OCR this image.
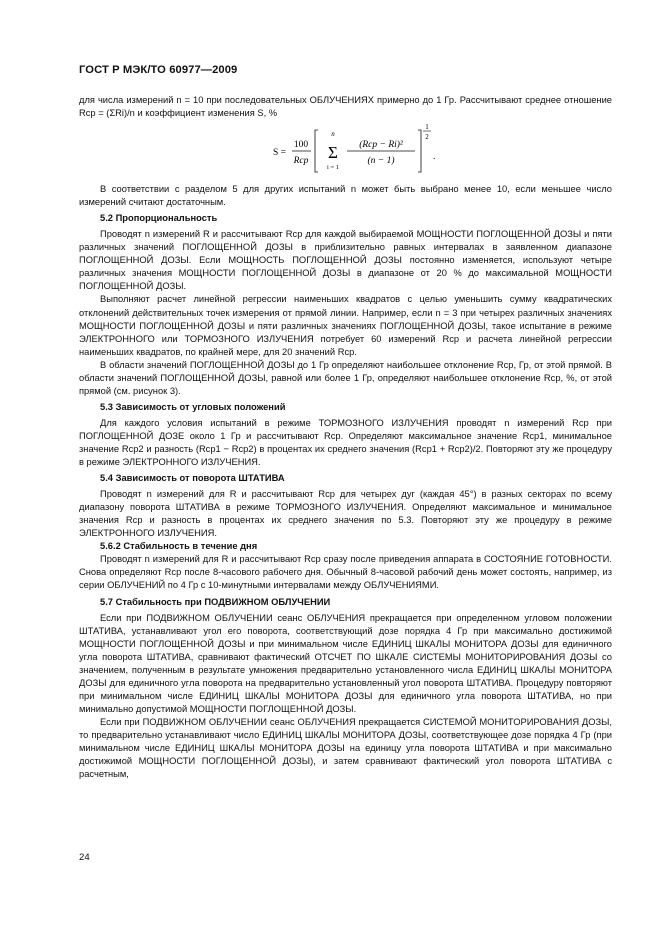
ГОСТ Р МЭК/ТО 60977—2009

для числа измерений n = 10 при последовательных ОБЛУЧЕНИЯХ примерно до 1 Гр. Рассчитывают среднее отношение Rср = (ΣRi)/n и коэффициент изменения S, %

S =
100
Rср
n
Σ
i = 1
(Rср − Ri)²
(n − 1)
1
2
.

В соответствии с разделом 5 для других испытаний n может быть выбрано менее 10, если меньшее число измерений считают достаточным.

5.2 Пропорциональность

Проводят n измерений R и рассчитывают Rср для каждой выбираемой МОЩНОСТИ ПОГЛОЩЕННОЙ ДОЗЫ и пяти различных значений ПОГЛОЩЕННОЙ ДОЗЫ в приблизительно равных интервалах в заявленном диапазоне ПОГЛОЩЕННОЙ ДОЗЫ. Если МОЩНОСТЬ ПОГЛОЩЕННОЙ ДОЗЫ постоянно изменяется, используют четыре различных значения МОЩНОСТИ ПОГЛОЩЕННОЙ ДОЗЫ в диапазоне от 20 % до максимальной МОЩНОСТИ ПОГЛОЩЕННОЙ ДОЗЫ.

Выполняют расчет линейной регрессии наименьших квадратов с целью уменьшить сумму квадратических отклонений действительных точек измерения от прямой линии. Например, если n = 3 при четырех различных значениях МОЩНОСТИ ПОГЛОЩЕННОЙ ДОЗЫ и пяти различных значениях ПОГЛОЩЕННОЙ ДОЗЫ, такое испытание в режиме ЭЛЕКТРОННОГО или ТОРМОЗНОГО ИЗЛУЧЕНИЯ потребует 60 измерений Rср и расчета линейной регрессии наименьших квадратов, по крайней мере, для 20 значений Rср.

В области значений ПОГЛОЩЕННОЙ ДОЗЫ до 1 Гр определяют наибольшее отклонение Rср, Гр, от этой прямой. В области значений ПОГЛОЩЕННОЙ ДОЗЫ, равной или более 1 Гр, определяют наибольшее отклонение Rср, %, от этой прямой (см. рисунок 3).

5.3 Зависимость от угловых положений

Для каждого условия испытаний в режиме ТОРМОЗНОГО ИЗЛУЧЕНИЯ проводят n измерений Rср при ПОГЛОЩЕННОЙ ДОЗЕ около 1 Гр и рассчитывают Rср. Определяют максимальное значение Rср1, минимальное значение Rср2 и разность (Rср1 − Rср2) в процентах их среднего значения (Rср1 + Rср2)/2. Повторяют эту же процедуру в режиме ЭЛЕКТРОННОГО ИЗЛУЧЕНИЯ.

5.4 Зависимость от поворота ШТАТИВА

Проводят n измерений для R и рассчитывают Rср для четырех дуг (каждая 45°) в разных секторах по всему диапазону поворота ШТАТИВА в режиме ТОРМОЗНОГО ИЗЛУЧЕНИЯ. Определяют максимальное и минимальное значения Rср и разность в процентах их среднего значения по 5.3. Повторяют эту же процедуру в режиме ЭЛЕКТРОННОГО ИЗЛУЧЕНИЯ.

5.6.2 Стабильность в течение дня

Проводят n измерений для R и рассчитывают Rср сразу после приведения аппарата в СОСТОЯНИЕ ГОТОВНОСТИ. Снова определяют Rср после 8-часового рабочего дня. Обычный 8-часовой рабочий день может состоять, например, из серии ОБЛУЧЕНИЙ по 4 Гр с 10-минутными интервалами между ОБЛУЧЕНИЯМИ.

5.7 Стабильность при ПОДВИЖНОМ ОБЛУЧЕНИИ

Если при ПОДВИЖНОМ ОБЛУЧЕНИИ сеанс ОБЛУЧЕНИЯ прекращается при определенном угловом положении ШТАТИВА, устанавливают угол его поворота, соответствующий дозе порядка 4 Гр при максимально достижимой МОЩНОСТИ ПОГЛОЩЕННОЙ ДОЗЫ и при минимальном числе ЕДИНИЦ ШКАЛЫ МОНИТОРА ДОЗЫ для единичного угла поворота ШТАТИВА, сравнивают фактический ОТСЧЕТ ПО ШКАЛЕ СИСТЕМЫ МОНИТОРИРОВАНИЯ ДОЗЫ со значением, полученным в результате умножения предварительно установленного числа ЕДИНИЦ ШКАЛЫ МОНИТОРА ДОЗЫ для единичного угла поворота на предварительно установленный угол поворота ШТАТИВА. Процедуру повторяют при минимальном числе ЕДИНИЦ ШКАЛЫ МОНИТОРА ДОЗЫ для единичного угла поворота ШТАТИВА, но при минимально допустимой МОЩНОСТИ ПОГЛОЩЕННОЙ ДОЗЫ.

Если при ПОДВИЖНОМ ОБЛУЧЕНИИ сеанс ОБЛУЧЕНИЯ прекращается СИСТЕМОЙ МОНИТОРИРОВАНИЯ ДОЗЫ, то предварительно устанавливают число ЕДИНИЦ ШКАЛЫ МОНИТОРА ДОЗЫ, соответствующее дозе порядка 4 Гр (при минимальном числе ЕДИНИЦ ШКАЛЫ МОНИТОРА ДОЗЫ на единицу угла поворота ШТАТИВА и при максимально достижимой МОЩНОСТИ ПОГЛОЩЕННОЙ ДОЗЫ), и затем сравнивают фактический угол поворота ШТАТИВА с расчетным,

24
